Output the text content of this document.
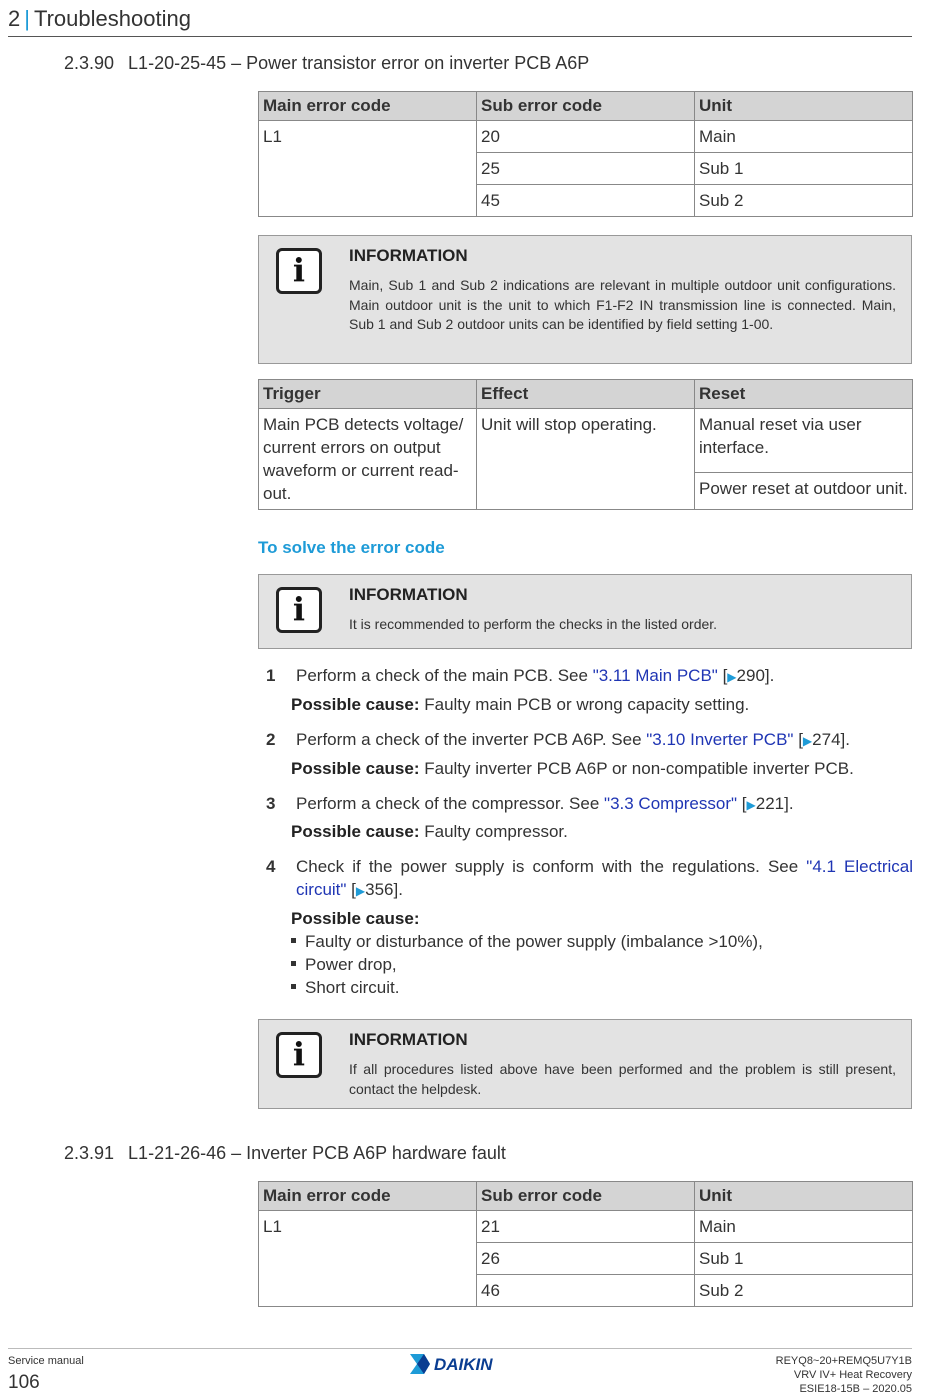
2 | Troubleshooting
2.3.90 L1-20-25-45 – Power transistor error on inverter PCB A6P
Main error code	Sub error code	Unit
L1	20	Main
	25	Sub 1
	45	Sub 2
i	INFORMATION
Main, Sub 1 and Sub 2 indications are relevant in multiple outdoor unit configurations. Main outdoor unit is the unit to which F1-F2 IN transmission line is connected. Main, Sub 1 and Sub 2 outdoor units can be identified by field setting 1-00.
Trigger	Effect	Reset
Main PCB detects voltage/ current errors on output waveform or current read-out.	Unit will stop operating.	Manual reset via user interface.
		Power reset at outdoor unit.
To solve the error code
i	INFORMATION
It is recommended to perform the checks in the listed order.
1 Perform a check of the main PCB. See "3.11 Main PCB" [▶290].
Possible cause: Faulty main PCB or wrong capacity setting.
2 Perform a check of the inverter PCB A6P. See "3.10 Inverter PCB" [▶274].
Possible cause: Faulty inverter PCB A6P or non-compatible inverter PCB.
3 Perform a check of the compressor. See "3.3 Compressor" [▶221].
Possible cause: Faulty compressor.
4 Check if the power supply is conform with the regulations. See "4.1 Electrical circuit" [▶356].
Possible cause:
Faulty or disturbance of the power supply (imbalance >10%),
Power drop,
Short circuit.
i	INFORMATION
If all procedures listed above have been performed and the problem is still present, contact the helpdesk.
2.3.91 L1-21-26-46 – Inverter PCB A6P hardware fault
Main error code	Sub error code	Unit
L1	21	Main
	26	Sub 1
	46	Sub 2
Service manual
106
DAIKIN	REYQ8~20+REMQ5U7Y1B
VRV IV+ Heat Recovery
ESIE18-15B – 2020.05
